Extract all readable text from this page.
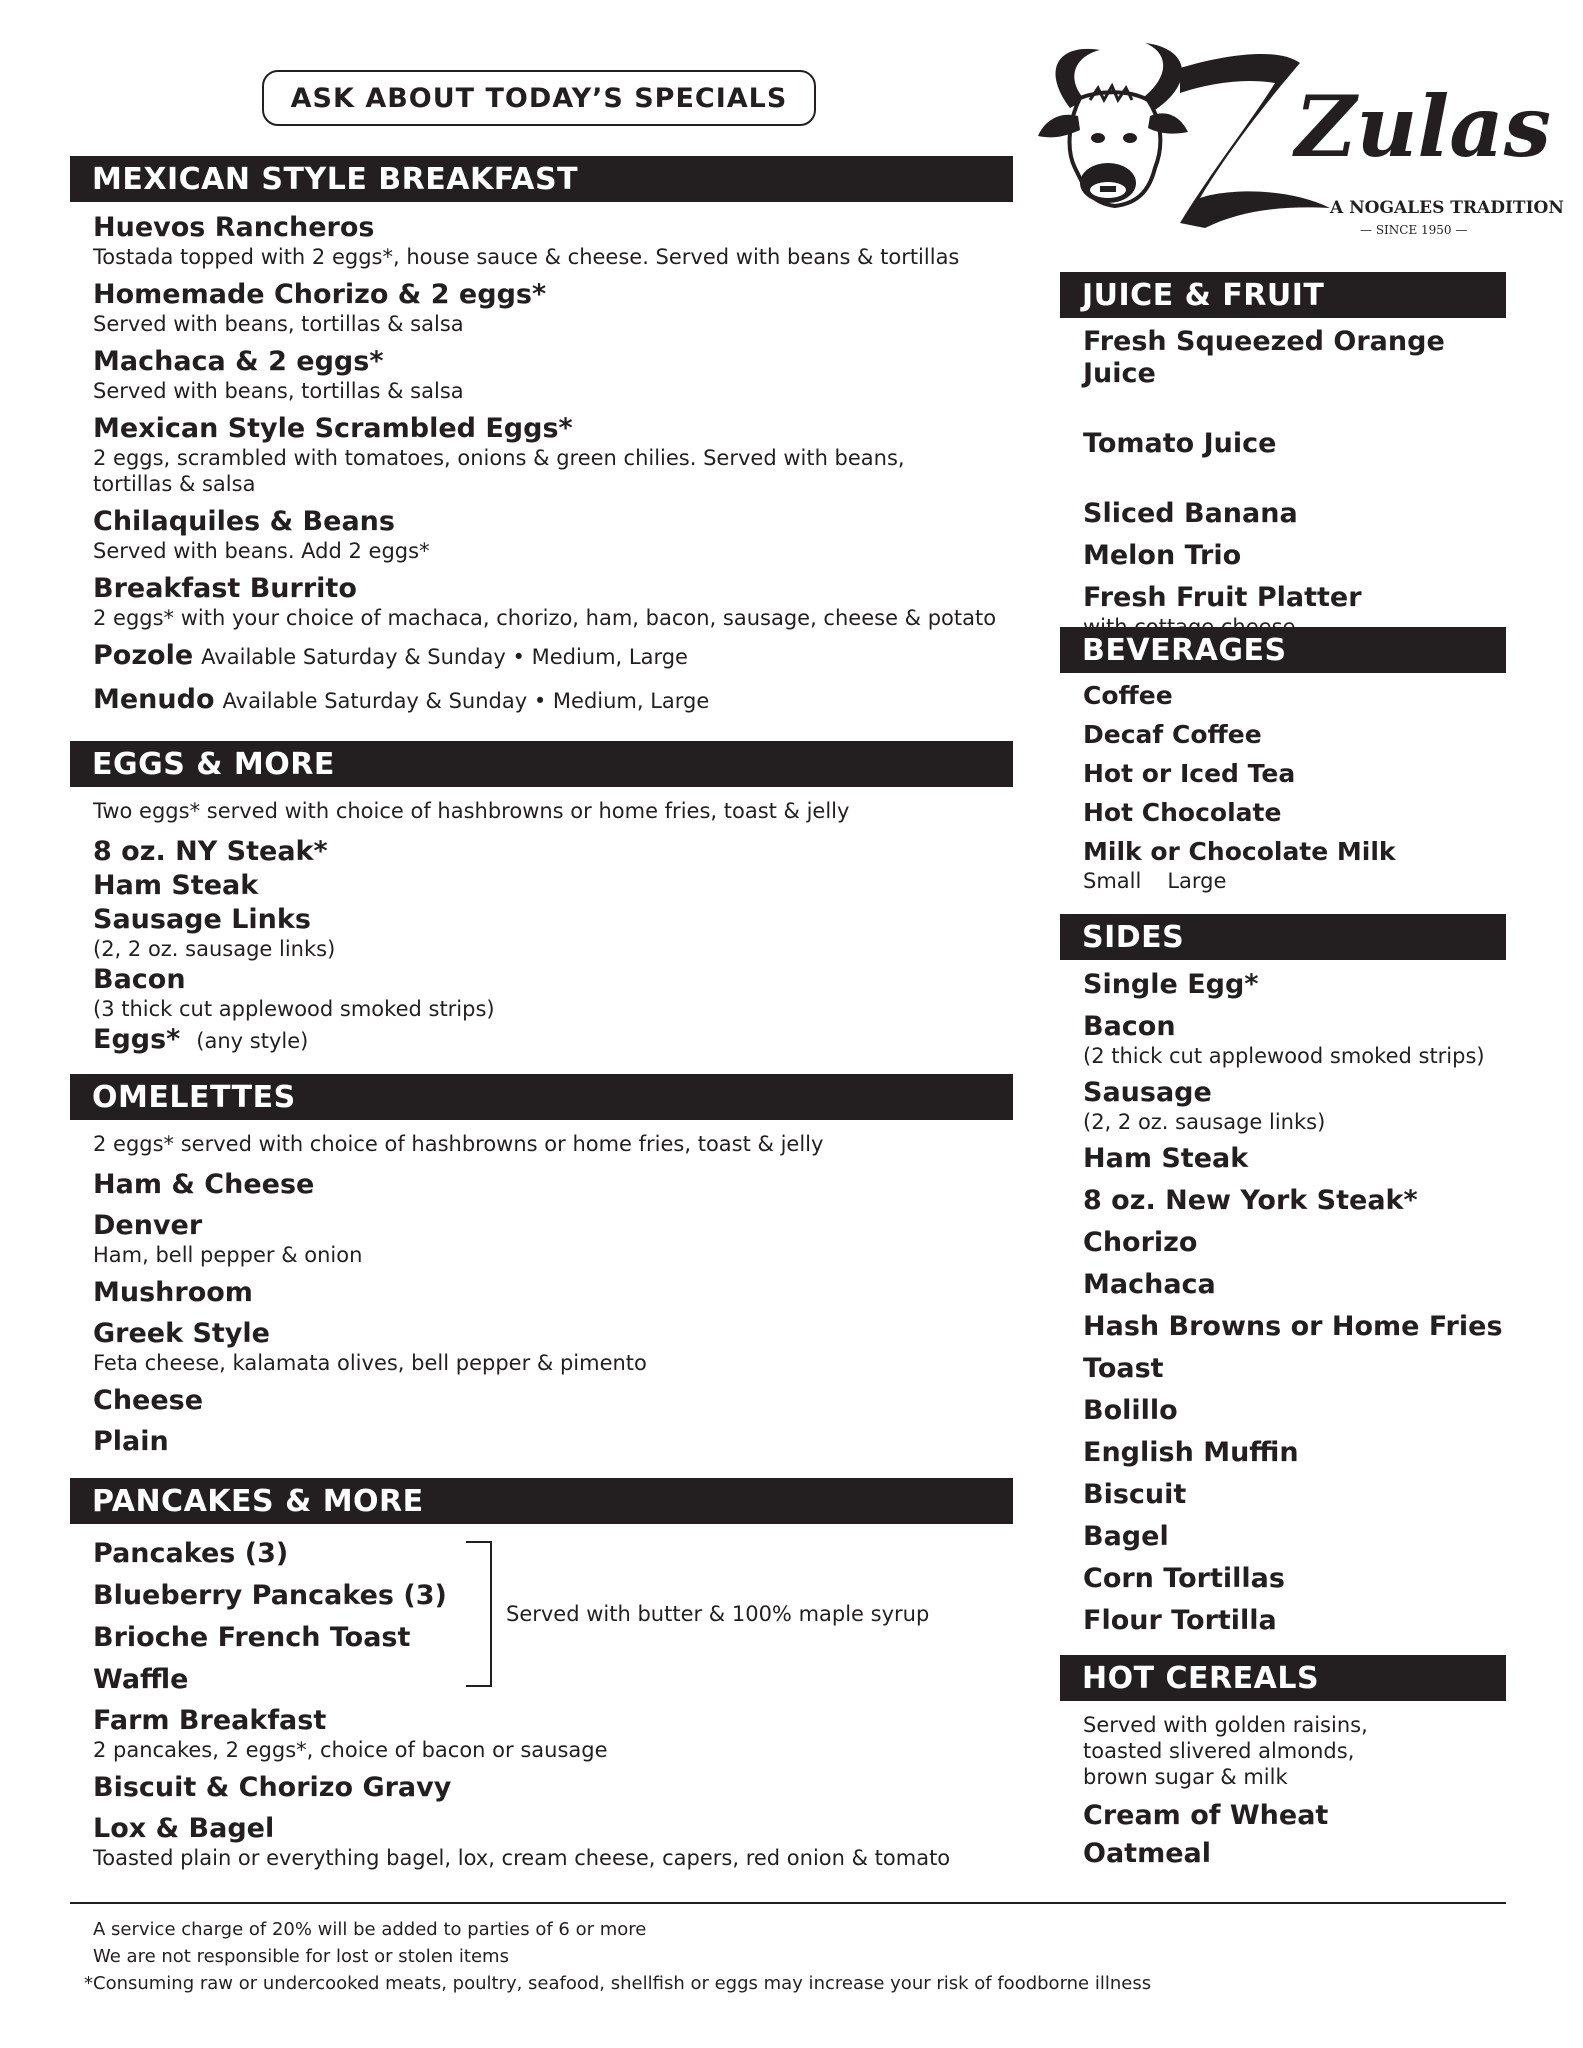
ASK ABOUT TODAY’S SPECIALS	Zulas
A NOGALES TRADITION
— SINCE 1950 —
MEXICAN STYLE BREAKFAST
Huevos Rancheros
Tostada topped with 2 eggs*, house sauce & cheese. Served with beans & tortillas
Homemade Chorizo & 2 eggs*
Served with beans, tortillas & salsa
Machaca & 2 eggs*
Served with beans, tortillas & salsa
Mexican Style Scrambled Eggs*
2 eggs, scrambled with tomatoes, onions & green chilies. Served with beans, tortillas & salsa
Chilaquiles & Beans
Served with beans. Add 2 eggs*
Breakfast Burrito
2 eggs* with your choice of machaca, chorizo, ham, bacon, sausage, cheese & potato
Pozole Available Saturday & Sunday • Medium, Large
Menudo Available Saturday & Sunday • Medium, Large
EGGS & MORE
Two eggs* served with choice of hashbrowns or home fries, toast & jelly
8 oz. NY Steak*
Ham Steak
Sausage Links
(2, 2 oz. sausage links)
Bacon
(3 thick cut applewood smoked strips)
Eggs* (any style)
OMELETTES
2 eggs* served with choice of hashbrowns or home fries, toast & jelly
Ham & Cheese
Denver
Ham, bell pepper & onion
Mushroom
Greek Style
Feta cheese, kalamata olives, bell pepper & pimento
Cheese
Plain
PANCAKES & MORE
Pancakes (3)
Blueberry Pancakes (3)
Brioche French Toast
Waffle
Served with butter & 100% maple syrup
Farm Breakfast
2 pancakes, 2 eggs*, choice of bacon or sausage
Biscuit & Chorizo Gravy
Lox & Bagel
Toasted plain or everything bagel, lox, cream cheese, capers, red onion & tomato
JUICE & FRUIT
Fresh Squeezed Orange Juice
Tomato Juice
Sliced Banana
Melon Trio
Fresh Fruit Platter
BEVERAGES
Coffee
Decaf Coffee
Hot or Iced Tea
Hot Chocolate
Milk or Chocolate Milk
Small Large
SIDES
Single Egg*
Bacon
(2 thick cut applewood smoked strips)
Sausage
(2, 2 oz. sausage links)
Ham Steak
8 oz. New York Steak*
Chorizo
Machaca
Hash Browns or Home Fries
Toast
Bolillo
English Muffin
Biscuit
Bagel
Corn Tortillas
Flour Tortilla
HOT CEREALS
Served with golden raisins,
toasted slivered almonds,
brown sugar & milk
Cream of Wheat
Oatmeal
A service charge of 20% will be added to parties of 6 or more
We are not responsible for lost or stolen items
*Consuming raw or undercooked meats, poultry, seafood, shellfish or eggs may increase your risk of foodborne illness
